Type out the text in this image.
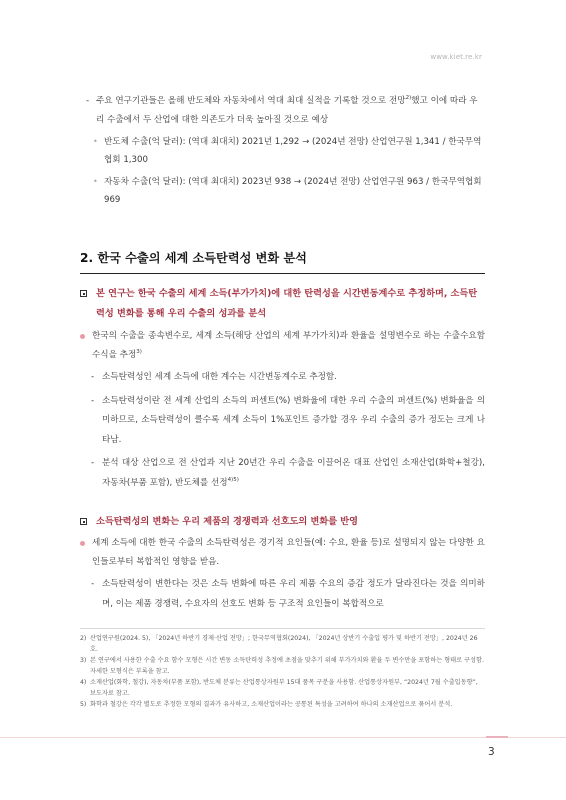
www.kiet.re.kr
- 주요 연구기관들은 올해 반도체와 자동차에서 역대 최대 실적을 기록할 것으로 전망$^{2)}$했고 이에 따라 우리 수출에서 두 산업에 대한 의존도가 더욱 높아질 것으로 예상
• 반도체 수출(억 달러): (역대 최대치) 2021년 1,292 → (2024년 전망) 산업연구원 1,341 / 한국무역협회 1,300
• 자동차 수출(억 달러): (역대 최대치) 2023년 938 → (2024년 전망) 산업연구원 963 / 한국무역협회 969
2. 한국 수출의 세계 소득탄력성 변화 분석
본 연구는 한국 수출의 세계 소득(부가가치)에 대한 탄력성을 시간변동계수로 추정하며, 소득탄력성 변화를 통해 우리 수출의 성과를 분석
한국의 수출을 종속변수로, 세계 소득(해당 산업의 세계 부가가치)과 환율을 설명변수로 하는 수출수요함수식을 추정$^{3)}$
- 소득탄력성인 세계 소득에 대한 계수는 시간변동계수로 추정함.
- 소득탄력성이란 전 세계 산업의 소득의 퍼센트(%) 변화율에 대한 우리 수출의 퍼센트(%) 변화율을 의미하므로, 소득탄력성이 클수록 세계 소득이 1%포인트 증가할 경우 우리 수출의 증가 정도는 크게 나타남.
- 분석 대상 산업으로 전 산업과 지난 20년간 우리 수출을 이끌어온 대표 산업인 소재산업(화학+철강), 자동차(부품 포함), 반도체를 선정$^{4)5)}$
소득탄력성의 변화는 우리 제품의 경쟁력과 선호도의 변화를 반영
세계 소득에 대한 한국 수출의 소득탄력성은 경기적 요인들(예: 수요, 환율 등)로 설명되지 않는 다양한 요인들로부터 복합적인 영향을 받음.
- 소득탄력성이 변한다는 것은 소득 변화에 따른 우리 제품 수요의 증감 정도가 달라진다는 것을 의미하며, 이는 제품 경쟁력, 수요자의 선호도 변화 등 구조적 요인들이 복합적으로
2) 산업연구원(2024. 5), 「2024년 하반기 경제·산업 전망」; 한국무역협회(2024), 「2024년 상반기 수출입 평가 및 하반기 전망」, 2024년 26호.
3) 본 연구에서 사용한 수출 수요 함수 모형은 시간 변동 소득탄력성 추정에 초점을 맞추기 위해 부가가치와 환율 두 변수만을 포함하는 형태로 구성함. 자세한 모형식은 부록을 참고.
4) 소재산업(화학, 철강), 자동차(부품 포함), 반도체 분류는 산업통상자원부 15대 품목 구분을 사용함. 산업통상자원부, “2024년 7월 수출입동향”, 보도자료 참고.
5) 화학과 철강은 각각 별도로 추정한 모형의 결과가 유사하고, 소재산업이라는 공통된 특성을 고려하여 하나의 소재산업으로 묶어서 분석.
3
